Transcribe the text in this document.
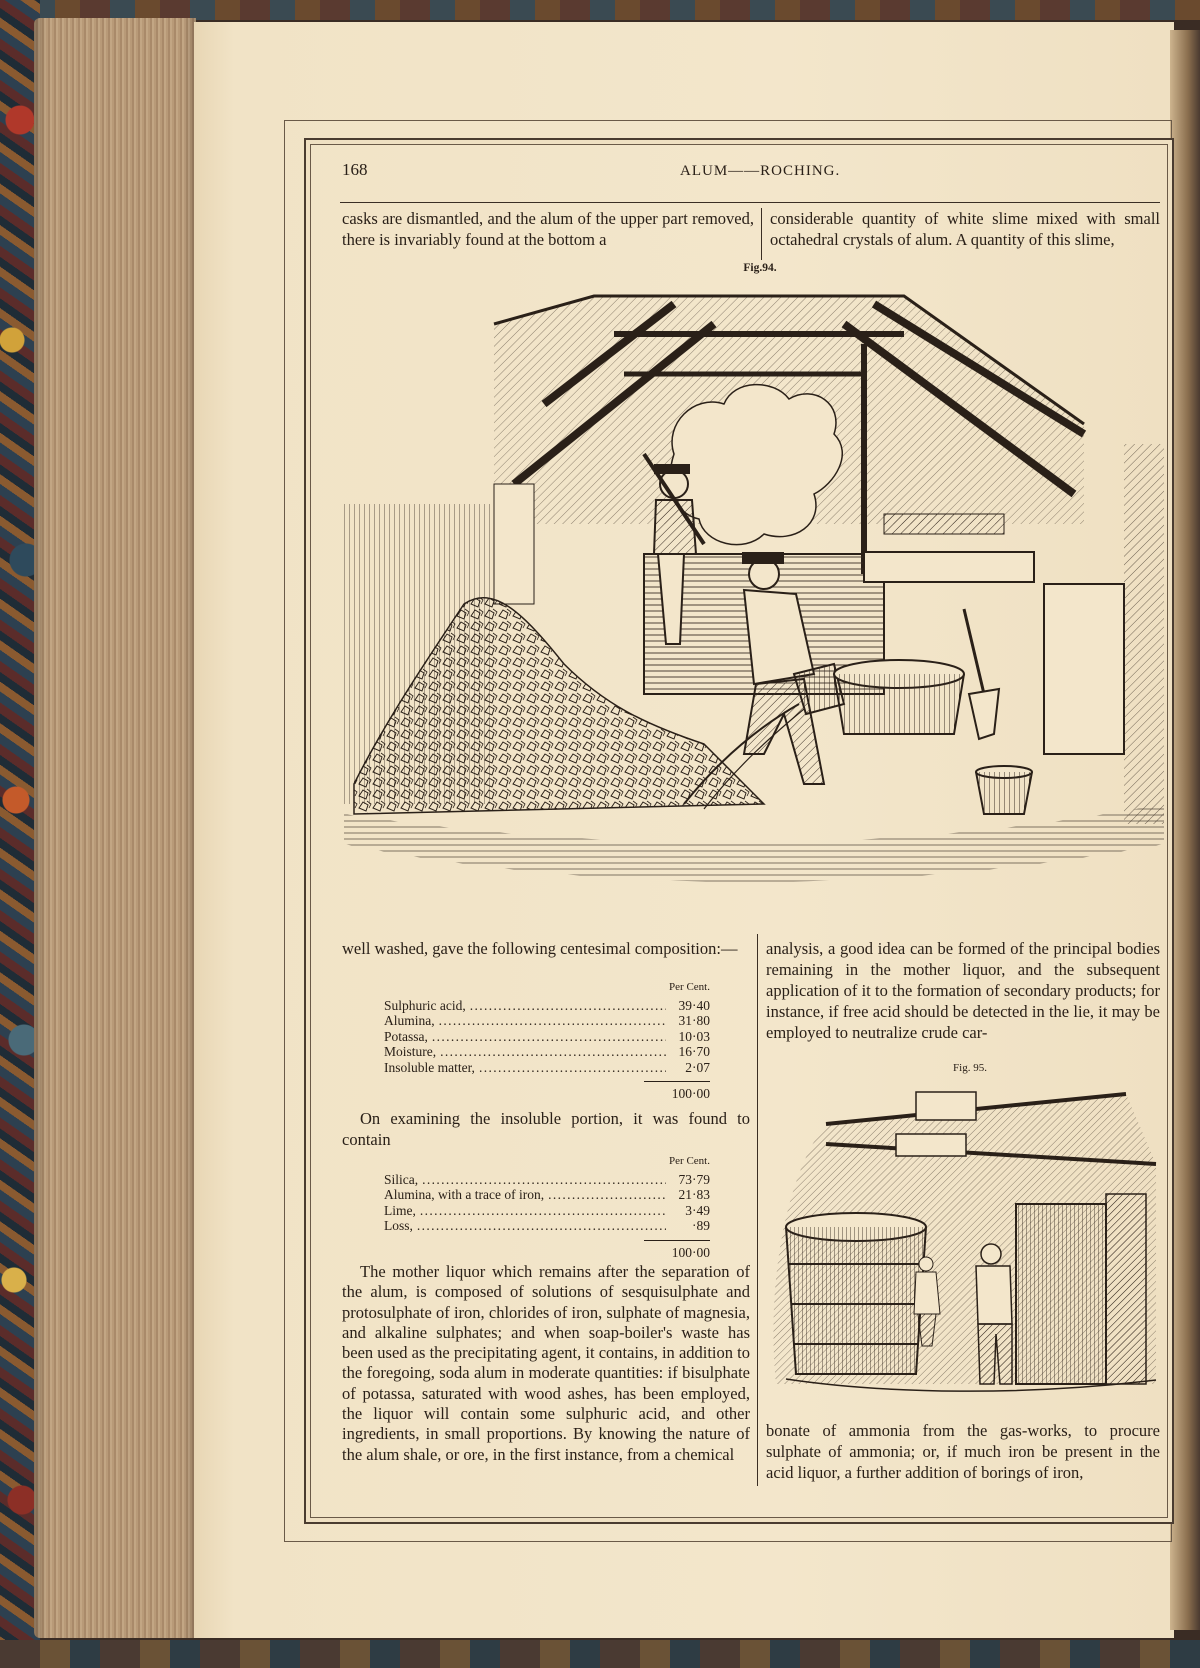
168	ALUM——ROCHING.
casks are dismantled, and the alum of the upper part removed, there is invariably found at the bottom a
considerable quantity of white slime mixed with small octahedral crystals of alum. A quantity of this slime,
Fig.94.
well washed, gave the following centesimal composition:—
Per Cent.
Sulphuric acid, . . .	39·40
Alumina, . . .	31·80
Potassa, . . .	10·03
Moisture, . . .	16·70
Insoluble matter, . . .	2·07
100·00
On examining the insoluble portion, it was found to contain
Per Cent.
Silica, . . .	73·79
Alumina, with a trace of iron, . . .	21·83
Lime, . . .	3·49
Loss, . . .	·89
100·00
The mother liquor which remains after the separation of the alum, is composed of solutions of sesquisulphate and protosulphate of iron, chlorides of iron, sulphate of magnesia, and alkaline sulphates; and when soap-boiler's waste has been used as the precipitating agent, it contains, in addition to the foregoing, soda alum in moderate quantities: if bisulphate of potassa, saturated with wood ashes, has been employed, the liquor will contain some sulphuric acid, and other ingredients, in small proportions. By knowing the nature of the alum shale, or ore, in the first instance, from a chemical
analysis, a good idea can be formed of the principal bodies remaining in the mother liquor, and the subsequent application of it to the formation of secondary products; for instance, if free acid should be detected in the lie, it may be employed to neutralize crude car-
Fig. 95.
bonate of ammonia from the gas-works, to procure sulphate of ammonia; or, if much iron be present in the acid liquor, a further addition of borings of iron,
